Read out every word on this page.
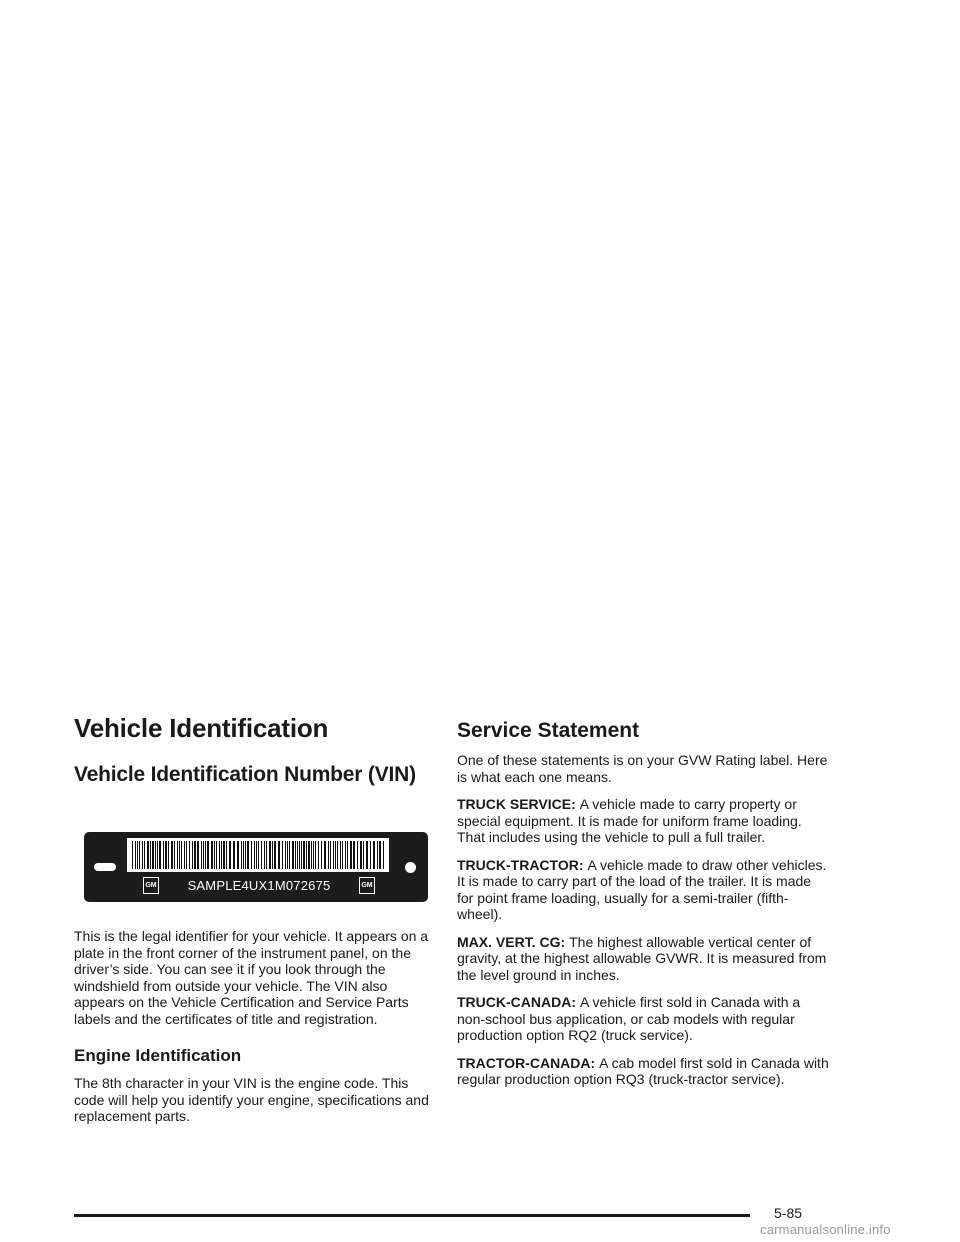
Vehicle Identification
Vehicle Identification Number (VIN)
GM SAMPLE4UX1M072675	GM

This is the legal identifier for your vehicle. It appears on a plate in the front corner of the instrument panel, on the driver’s side. You can see it if you look through the windshield from outside your vehicle. The VIN also appears on the Vehicle Certification and Service Parts labels and the certificates of title and registration.

Engine Identification

The 8th character in your VIN is the engine code. This code will help you identify your engine, specifications and replacement parts.

Service Statement

One of these statements is on your GVW Rating label. Here is what each one means.

TRUCK SERVICE: A vehicle made to carry property or special equipment. It is made for uniform frame loading. That includes using the vehicle to pull a full trailer.

TRUCK-TRACTOR: A vehicle made to draw other vehicles. It is made to carry part of the load of the trailer. It is made for point frame loading, usually for a semi-trailer (fifth-wheel).

MAX. VERT. CG: The highest allowable vertical center of gravity, at the highest allowable GVWR. It is measured from the level ground in inches.

TRUCK-CANADA: A vehicle first sold in Canada with a non-school bus application, or cab models with regular production option RQ2 (truck service).

TRACTOR-CANADA: A cab model first sold in Canada with regular production option RQ3 (truck-tractor service).

5-85
carmanualsonline.info
